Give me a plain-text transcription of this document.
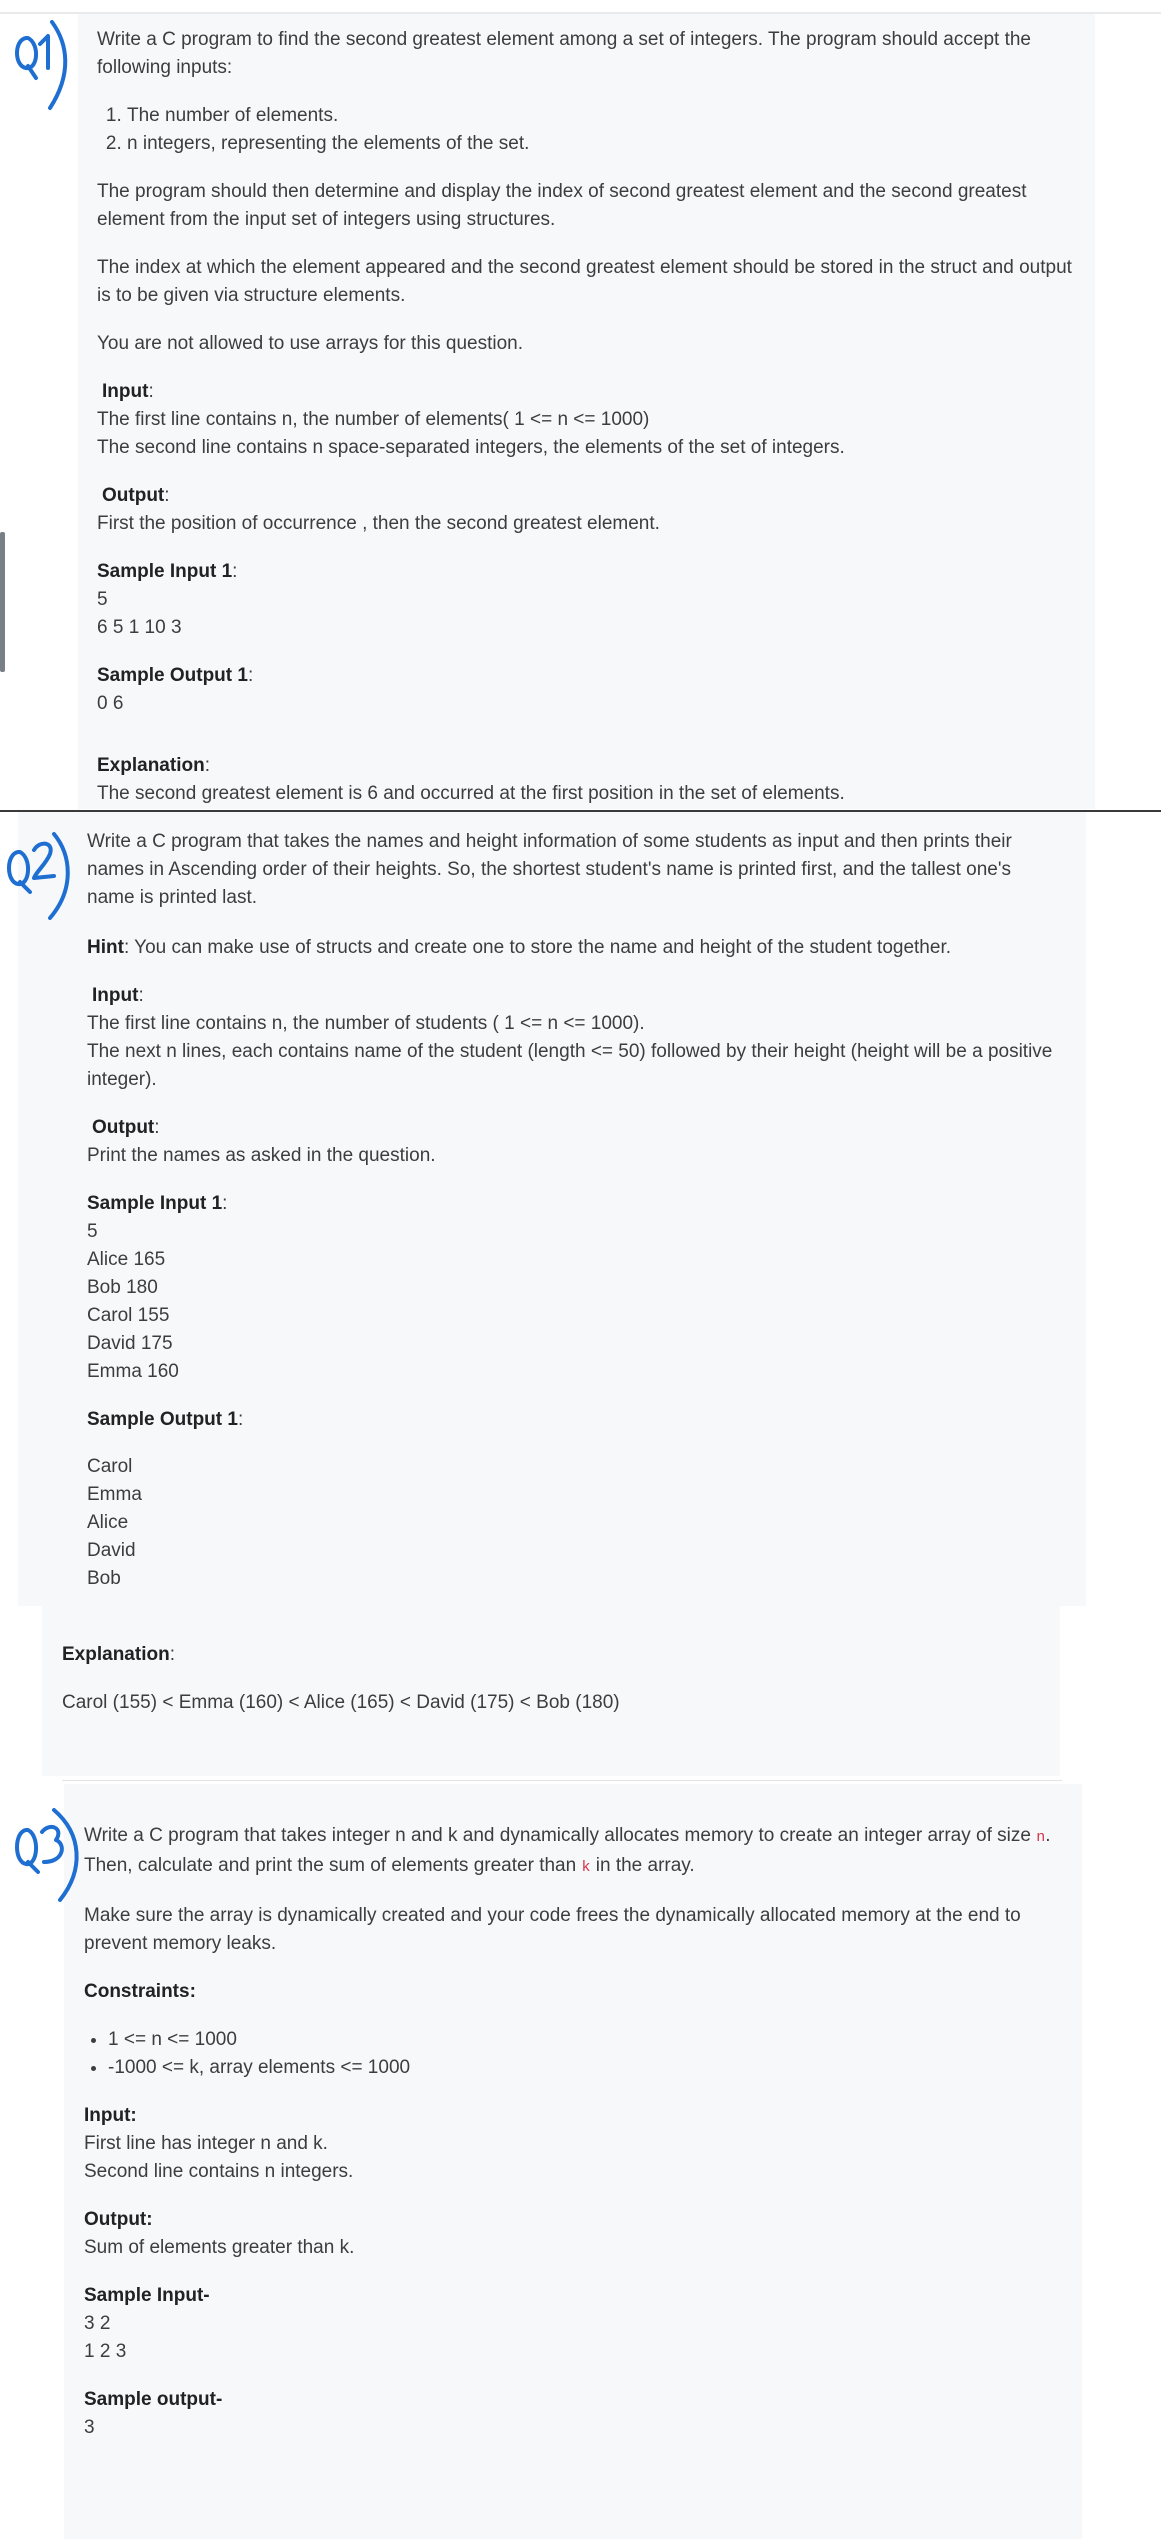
Write a C program to find the second greatest element among a set of integers. The program should accept the following inputs:

1. The number of elements.
2. n integers, representing the elements of the set.

The program should then determine and display the index of second greatest element and the second greatest element from the input set of integers using structures.

The index at which the element appeared and the second greatest element should be stored in the struct and output is to be given via structure elements.

You are not allowed to use arrays for this question.

Input:

The first line contains n, the number of elements( 1 <= n <= 1000)

The second line contains n space-separated integers, the elements of the set of integers.

Output:

First the position of occurrence , then the second greatest element.

Sample Input 1:

5

6 5 1 10 3

Sample Output 1:

0 6

Explanation:

The second greatest element is 6 and occurred at the first position in the set of elements.

Write a C program that takes the names and height information of some students as input and then prints their names in Ascending order of their heights. So, the shortest student's name is printed first, and the tallest one's name is printed last.

Hint: You can make use of structs and create one to store the name and height of the student together.

Input:

The first line contains n, the number of students ( 1 <= n <= 1000).

The next n lines, each contains name of the student (length <= 50) followed by their height (height will be a positive integer).

Output:

Print the names as asked in the question.

Sample Input 1:

5

Alice 165

Bob 180

Carol 155

David 175

Emma 160

Sample Output 1:

Carol

Emma

Alice

David

Bob

Explanation:

Carol (155) < Emma (160) < Alice (165) < David (175) < Bob (180)

Write a C program that takes integer n and k and dynamically allocates memory to create an integer array of size n. Then, calculate and print the sum of elements greater than k in the array.

Make sure the array is dynamically created and your code frees the dynamically allocated memory at the end to prevent memory leaks.

Constraints:

• 1 <= n <= 1000
• -1000 <= k, array elements <= 1000

Input:

First line has integer n and k.

Second line contains n integers.

Output:

Sum of elements greater than k.

Sample Input-

3 2

1 2 3

Sample output-

3
